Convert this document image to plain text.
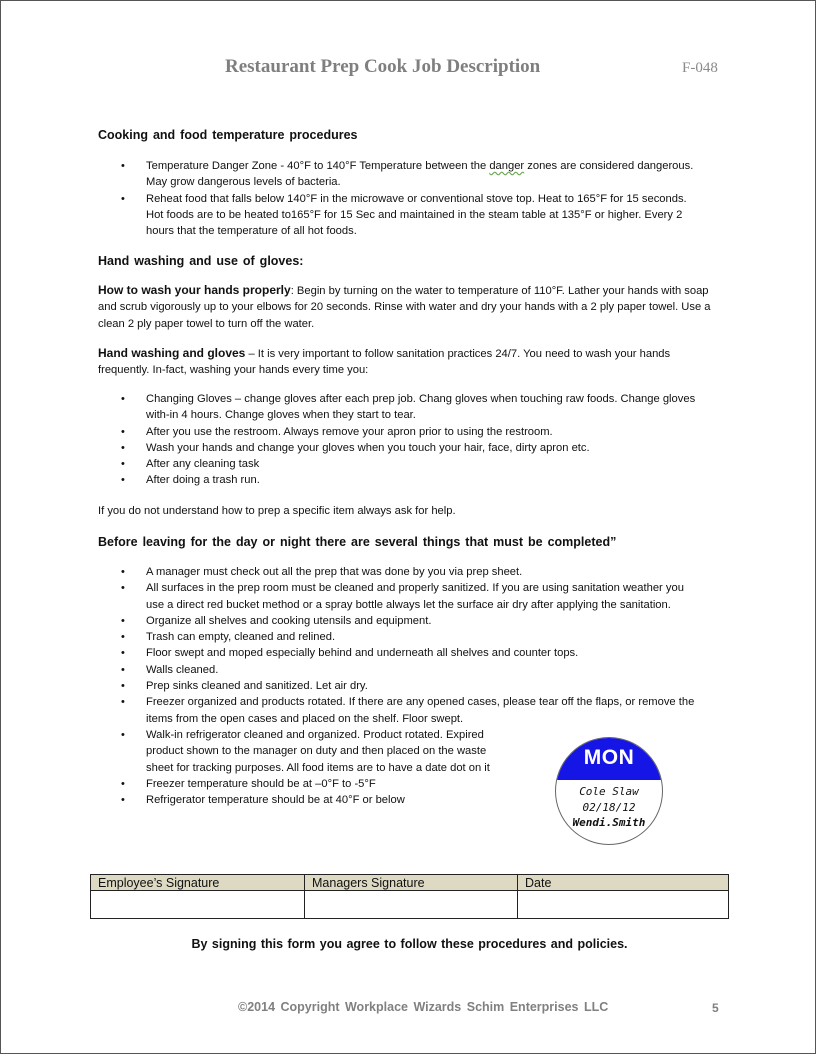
Restaurant Prep Cook Job Description	F-048
Cooking and food temperature procedures
• Temperature Danger Zone - 40°F to 140°F Temperature between the danger zones are considered dangerous. May grow dangerous levels of bacteria.
• Reheat food that falls below 140°F in the microwave or conventional stove top. Heat to 165°F for 15 seconds. Hot foods are to be heated to165°F for 15 Sec and maintained in the steam table at 135°F or higher. Every 2 hours that the temperature of all hot foods.
Hand washing and use of gloves:
How to wash your hands properly: Begin by turning on the water to temperature of 110°F. Lather your hands with soap and scrub vigorously up to your elbows for 20 seconds. Rinse with water and dry your hands with a 2 ply paper towel. Use a clean 2 ply paper towel to turn off the water.
Hand washing and gloves – It is very important to follow sanitation practices 24/7. You need to wash your hands frequently. In-fact, washing your hands every time you:
• Changing Gloves – change gloves after each prep job. Chang gloves when touching raw foods. Change gloves with-in 4 hours. Change gloves when they start to tear.
• After you use the restroom. Always remove your apron prior to using the restroom.
• Wash your hands and change your gloves when you touch your hair, face, dirty apron etc.
• After any cleaning task
• After doing a trash run.
If you do not understand how to prep a specific item always ask for help.
Before leaving for the day or night there are several things that must be completed”
• A manager must check out all the prep that was done by you via prep sheet.
• All surfaces in the prep room must be cleaned and properly sanitized. If you are using sanitation weather you use a direct red bucket method or a spray bottle always let the surface air dry after applying the sanitation.
• Organize all shelves and cooking utensils and equipment.
• Trash can empty, cleaned and relined.
• Floor swept and moped especially behind and underneath all shelves and counter tops.
• Walls cleaned.
• Prep sinks cleaned and sanitized. Let air dry.
• Freezer organized and products rotated. If there are any opened cases, please tear off the flaps, or remove the items from the open cases and placed on the shelf. Floor swept.
• Walk-in refrigerator cleaned and organized. Product rotated. Expired product shown to the manager on duty and then placed on the waste sheet for tracking purposes. All food items are to have a date dot on it
• Freezer temperature should be at –0°F to -5°F
• Refrigerator temperature should be at 40°F or below
MON
Cole Slaw
02/18/12
Wendi.Smith
Employee’s Signature	Managers Signature	Date

By signing this form you agree to follow these procedures and policies.
©2014 Copyright Workplace Wizards Schim Enterprises LLC	5
